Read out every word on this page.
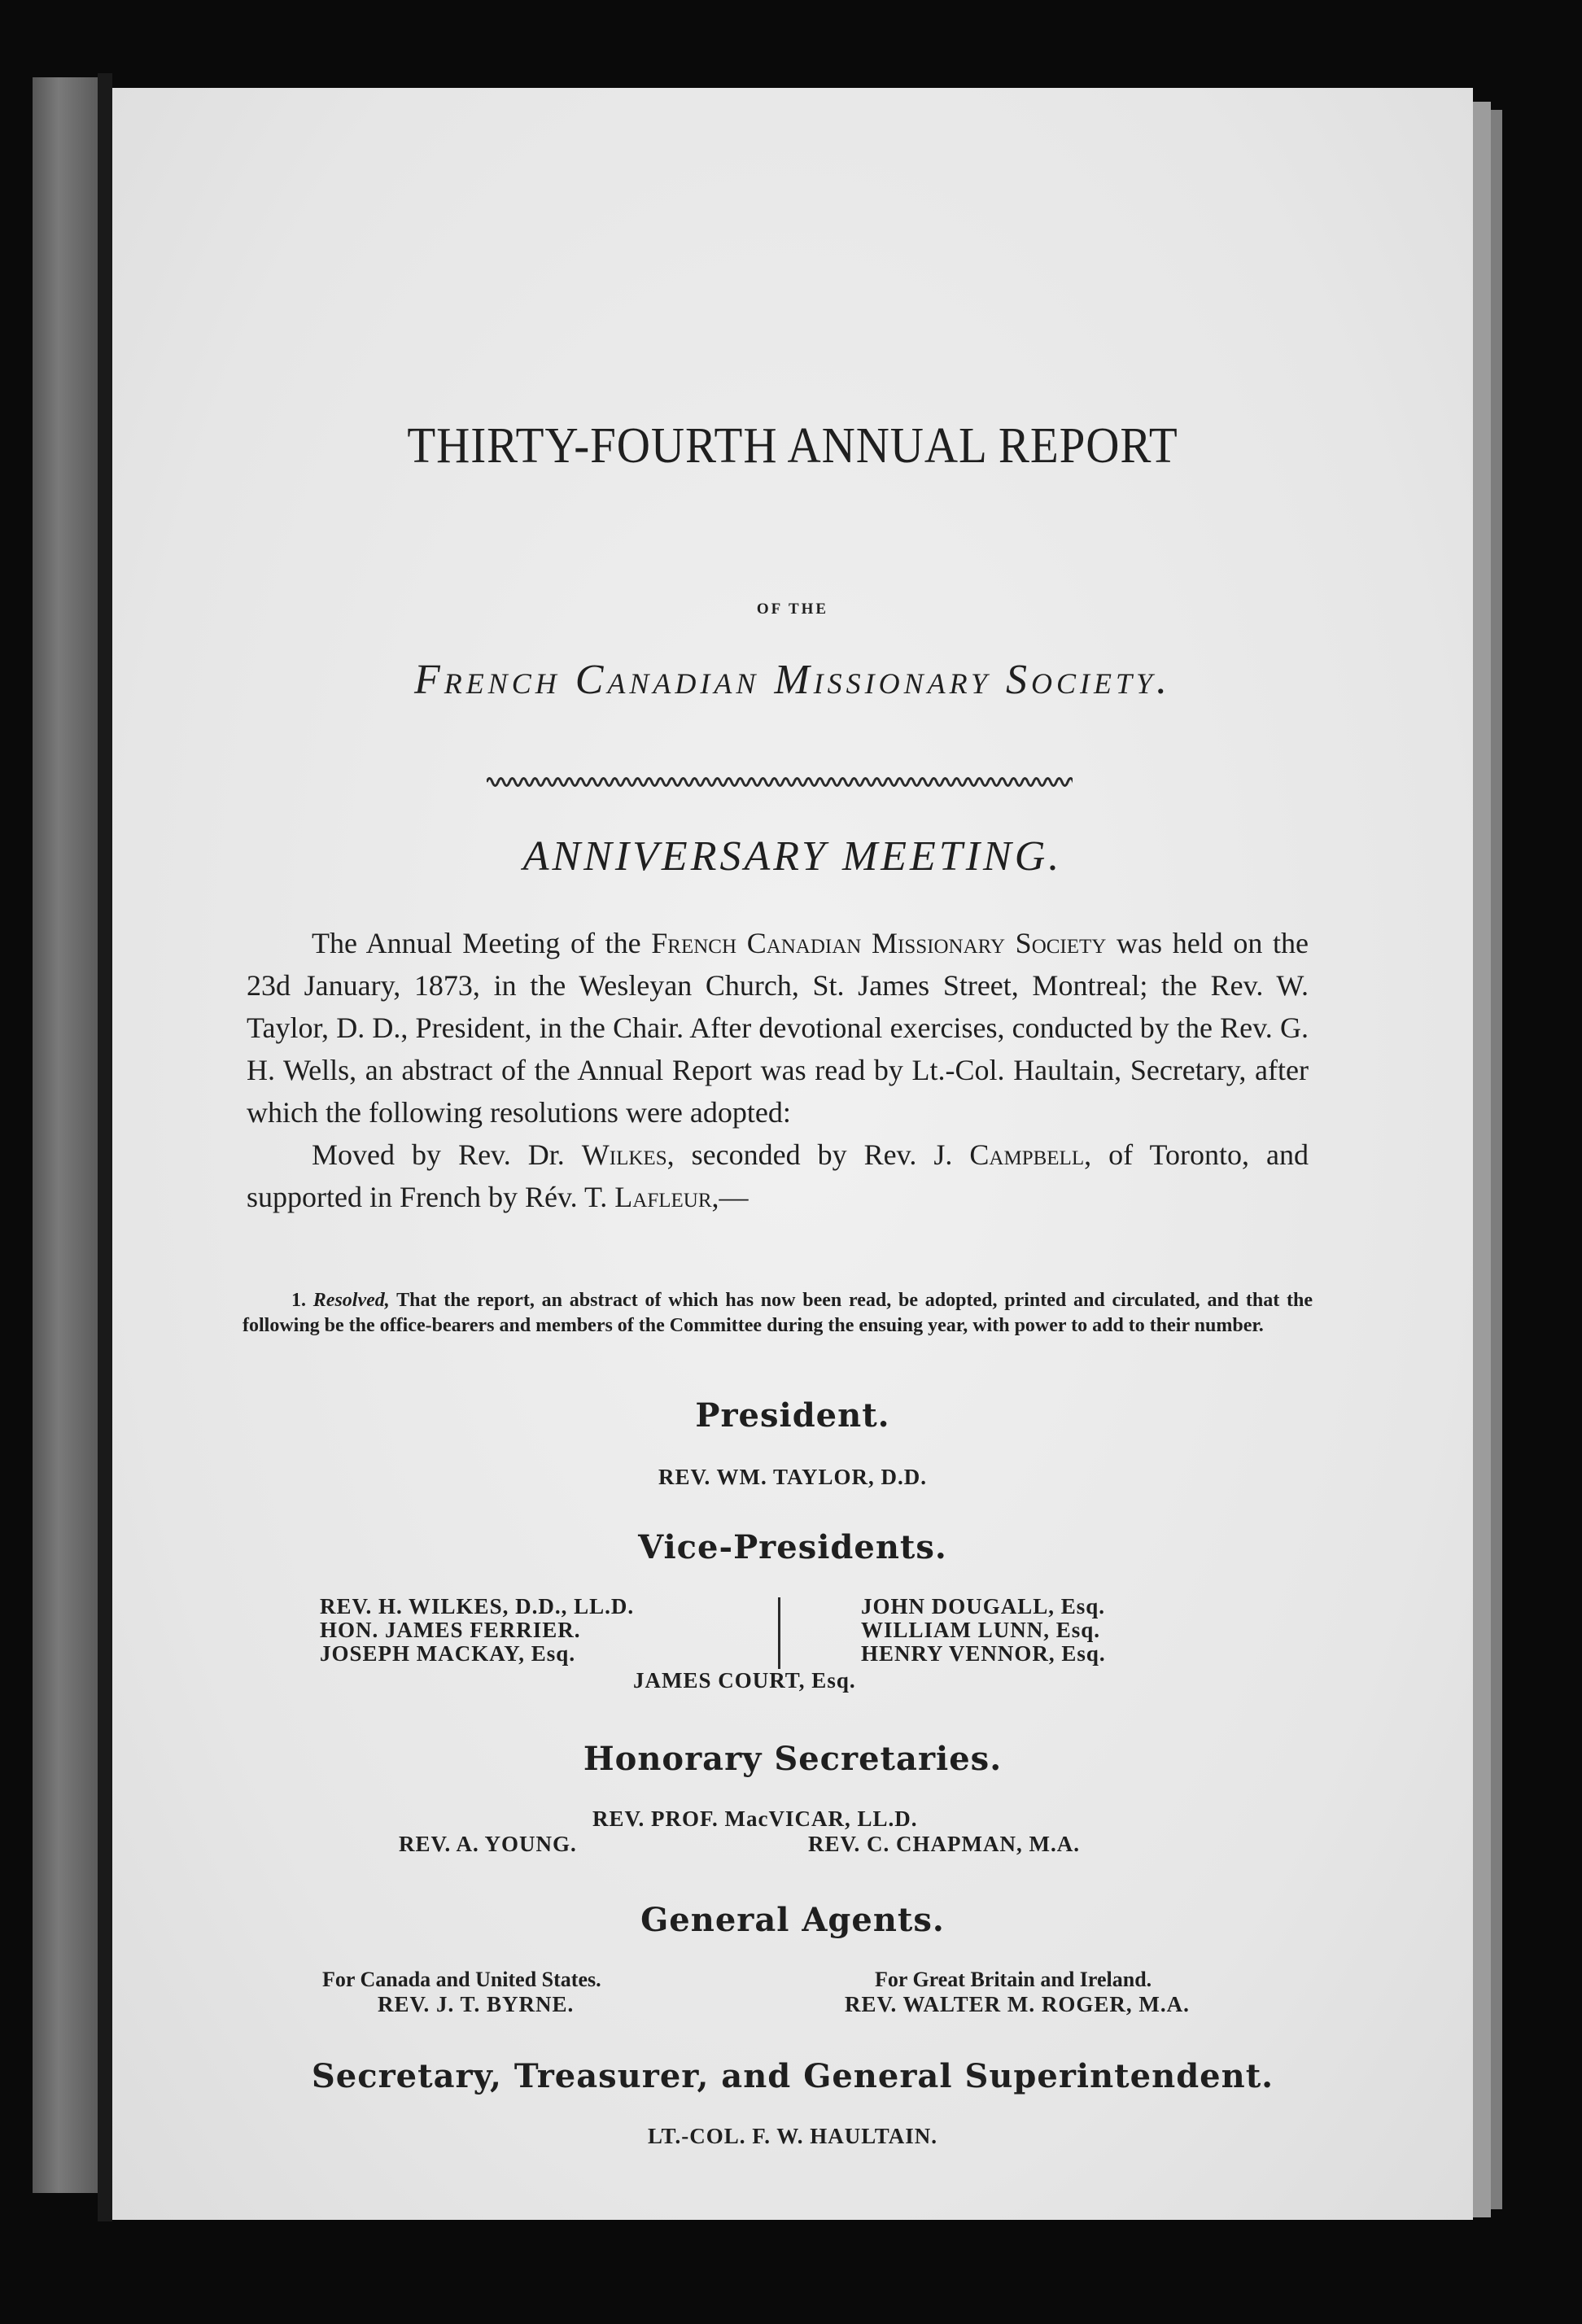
THIRTY-FOURTH ANNUAL REPORT
OF THE
French Canadian Missionary Society.
ANNIVERSARY MEETING.

The Annual Meeting of the French Canadian Missionary Society was held on the 23d January, 1873, in the Wesleyan Church, St. James Street, Montreal; the Rev. W. Taylor, D. D., President, in the Chair. After devotional exercises, conducted by the Rev. G. H. Wells, an abstract of the Annual Report was read by Lt.-Col. Haultain, Secretary, after which the following resolutions were adopted:

Moved by Rev. Dr. Wilkes, seconded by Rev. J. Campbell, of Toronto, and supported in French by Rév. T. Lafleur,—

1. Resolved, That the report, an abstract of which has now been read, be adopted, printed and circulated, and that the following be the office-bearers and members of the Committee during the ensuing year, with power to add to their number.

President.
REV. WM. TAYLOR, D.D.
Vice-Presidents.
REV. H. WILKES, D.D., LL.D.
HON. JAMES FERRIER.
JOSEPH MACKAY, Esq.
JOHN DOUGALL, Esq.
WILLIAM LUNN, Esq.
HENRY VENNOR, Esq.
JAMES COURT, Esq.
Honorary Secretaries.
REV. PROF. MacVICAR, LL.D.
REV. A. YOUNG.	REV. C. CHAPMAN, M.A.
General Agents.
For Canada and United States.
REV. J. T. BYRNE.
For Great Britain and Ireland.
REV. WALTER M. ROGER, M.A.
Secretary, Treasurer, and General Superintendent.
LT.-COL. F. W. HAULTAIN.
